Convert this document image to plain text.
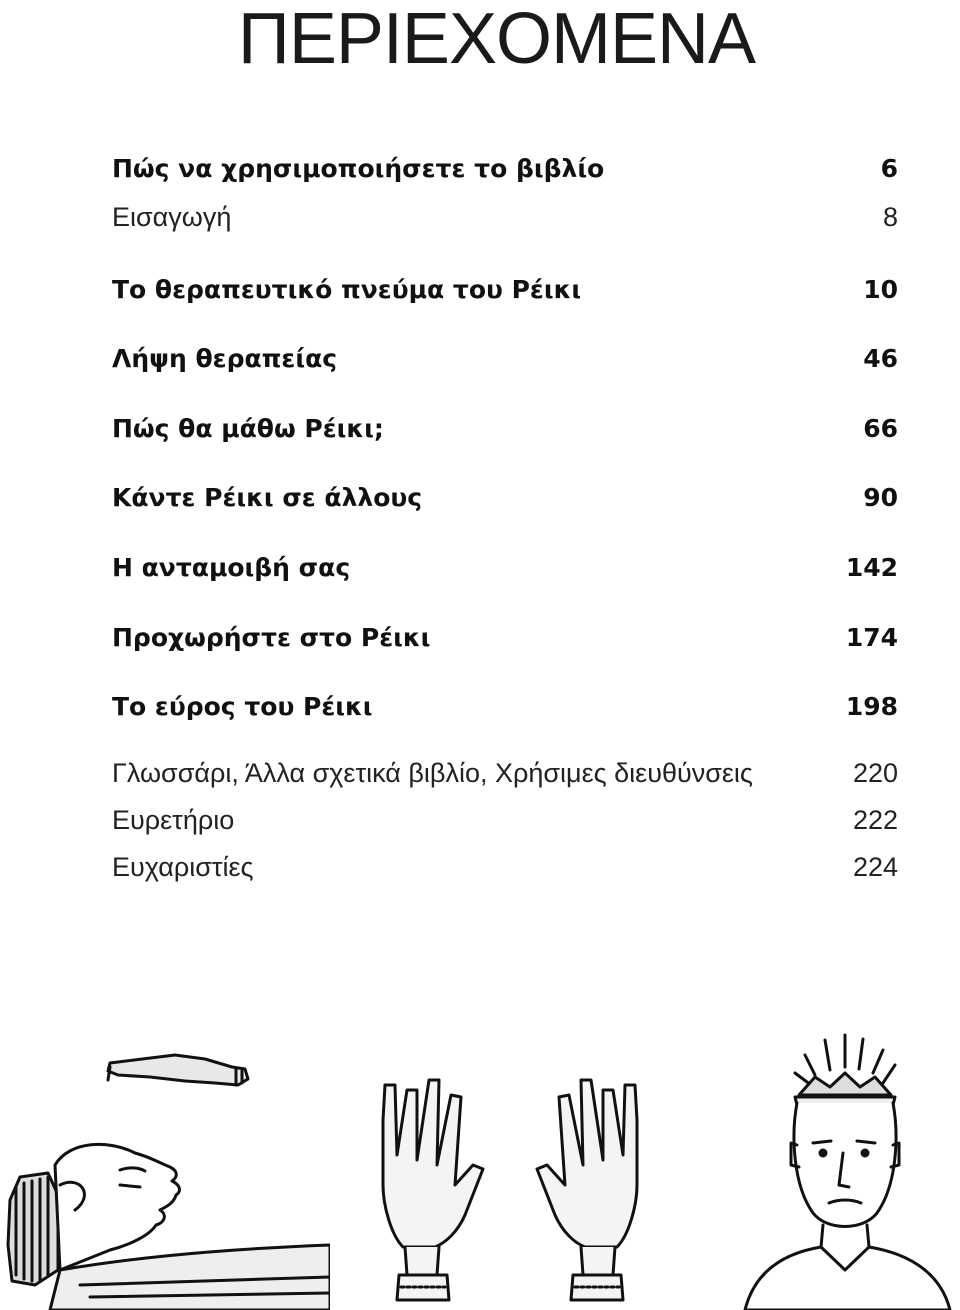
ΠΕΡΙΕΧΟΜΕΝΑ
Πώς να χρησιμοποιήσετε το βιβλίο	6
Εισαγωγή	8
Το θεραπευτικό πνεύμα του Ρέικι	10
Λήψη θεραπείας	46
Πώς θα μάθω Ρέικι;	66
Κάντε Ρέικι σε άλλους	90
Η ανταμοιβή σας	142
Προχωρήστε στο Ρέικι	174
Το εύρος του Ρέικι	198
Γλωσσάρι, Άλλα σχετικά βιβλίο, Χρήσιμες διευθύνσεις	220
Ευρετήριο	222
Ευχαριστίες	224
